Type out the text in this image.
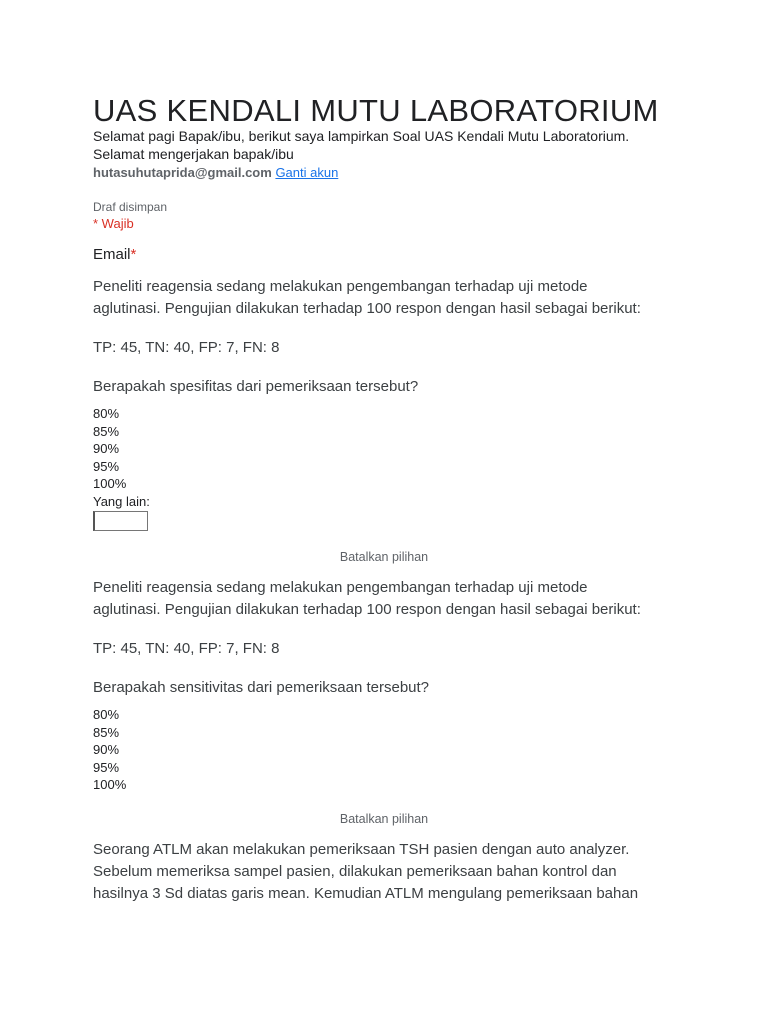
UAS KENDALI MUTU LABORATORIUM
Selamat pagi Bapak/ibu, berikut saya lampirkan Soal UAS Kendali Mutu Laboratorium.
Selamat mengerjakan bapak/ibu
hutasuhutaprida@gmail.com Ganti akun
Draf disimpan
* Wajib
Email*
Peneliti reagensia sedang melakukan pengembangan terhadap uji metode
aglutinasi. Pengujian dilakukan terhadap 100 respon dengan hasil sebagai berikut:
TP: 45, TN: 40, FP: 7, FN: 8
Berapakah spesifitas dari pemeriksaan tersebut?
80%
85%
90%
95%
100%
Yang lain:
Batalkan pilihan
Peneliti reagensia sedang melakukan pengembangan terhadap uji metode
aglutinasi. Pengujian dilakukan terhadap 100 respon dengan hasil sebagai berikut:
TP: 45, TN: 40, FP: 7, FN: 8
Berapakah sensitivitas dari pemeriksaan tersebut?
80%
85%
90%
95%
100%
Batalkan pilihan
Seorang ATLM akan melakukan pemeriksaan TSH pasien dengan auto analyzer.
Sebelum memeriksa sampel pasien, dilakukan pemeriksaan bahan kontrol dan
hasilnya 3 Sd diatas garis mean. Kemudian ATLM mengulang pemeriksaan bahan
